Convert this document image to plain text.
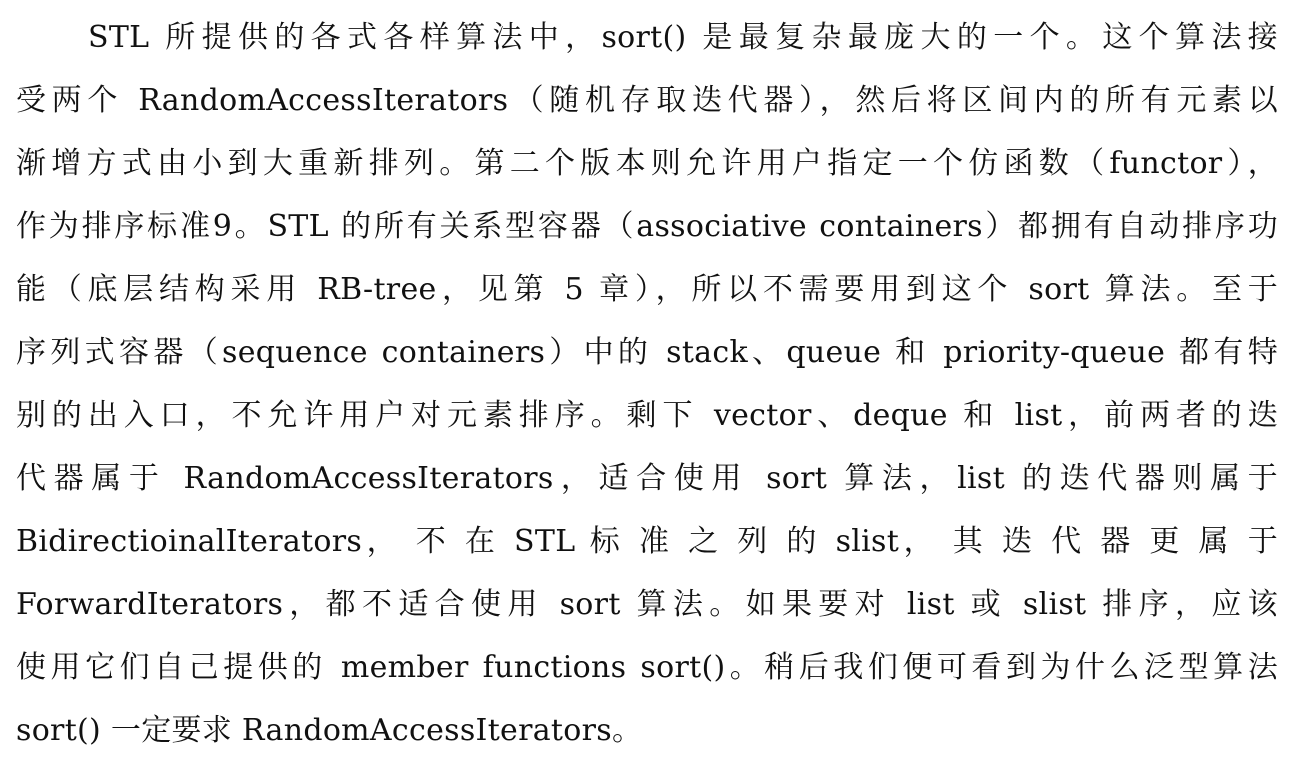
STL 所提供的各式各样算法中，sort() 是最复杂最庞大的一个。这个算法接
受两个 RandomAccessIterators（随机存取迭代器），然后将区间内的所有元素以
渐增方式由小到大重新排列。第二个版本则允许用户指定一个仿函数（functor），
作为排序标准9。STL 的所有关系型容器（associative containers）都拥有自动排序功
能（底层结构采用 RB-tree，见第 5 章），所以不需要用到这个 sort 算法。至于
序列式容器（sequence containers）中的 stack、queue 和 priority-queue 都有特
别的出入口，不允许用户对元素排序。剩下 vector、deque 和 list，前两者的迭
代器属于 RandomAccessIterators，适合使用 sort 算法，list 的迭代器则属于
BidirectioinalIterators， 不 在 STL 标 准 之 列 的 slist， 其 迭 代 器 更 属 于
ForwardIterators，都不适合使用 sort 算法。如果要对 list 或 slist 排序，应该
使用它们自己提供的 member functions sort()。稍后我们便可看到为什么泛型算法
sort() 一定要求 RandomAccessIterators。
